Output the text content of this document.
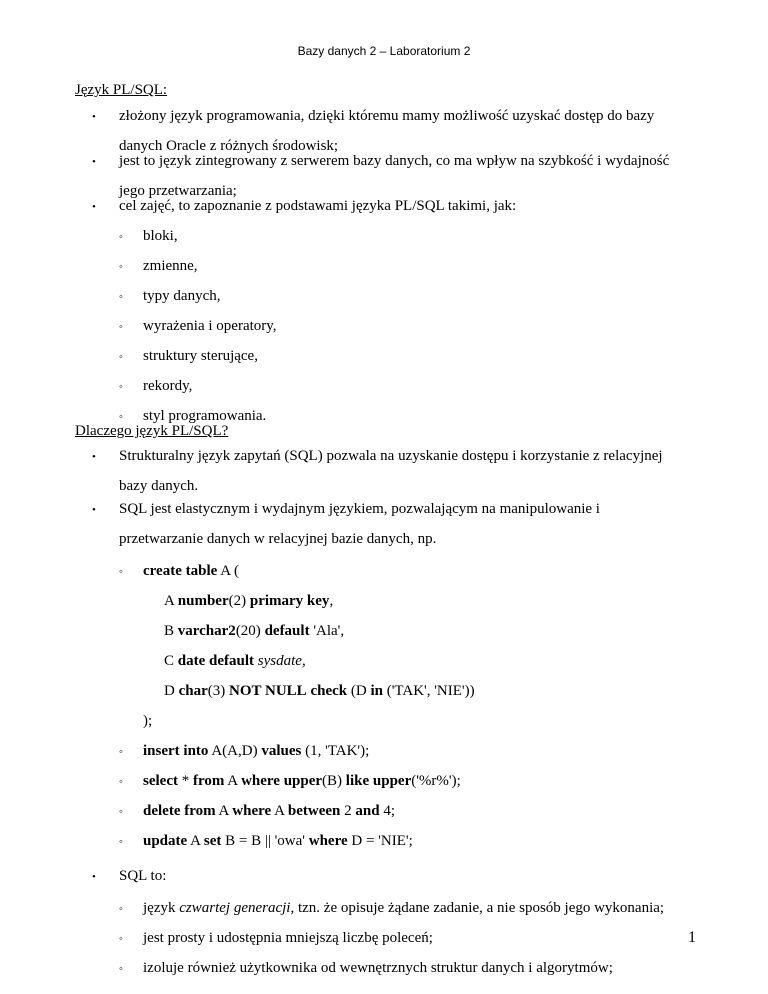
Bazy danych 2 – Laboratorium 2
Język PL/SQL:
• złożony język programowania, dzięki któremu mamy możliwość uzyskać dostęp do bazy
danych Oracle z różnych środowisk;
• jest to język zintegrowany z serwerem bazy danych, co ma wpływ na szybkość i wydajność
jego przetwarzania;
• cel zajęć, to zapoznanie z podstawami języka PL/SQL takimi, jak:
◦ bloki,
◦ zmienne,
◦ typy danych,
◦ wyrażenia i operatory,
◦ struktury sterujące,
◦ rekordy,
◦ styl programowania.
Dlaczego język PL/SQL?
• Strukturalny język zapytań (SQL) pozwala na uzyskanie dostępu i korzystanie z relacyjnej
bazy danych.
• SQL jest elastycznym i wydajnym językiem, pozwalającym na manipulowanie i
przetwarzanie danych w relacyjnej bazie danych, np.
◦ create table A (
A number(2) primary key,
B varchar2(20) default 'Ala',
C date default sysdate,
D char(3) NOT NULL check (D in ('TAK', 'NIE'))
);
◦ insert into A(A,D) values (1, 'TAK');
◦ select * from A where upper(B) like upper('%r%');
◦ delete from A where A between 2 and 4;
◦ update A set B = B || 'owa' where D = 'NIE';
• SQL to:
◦ język czwartej generacji, tzn. że opisuje żądane zadanie, a nie sposób jego wykonania;
◦ jest prosty i udostępnia mniejszą liczbę poleceń;
◦ izoluje również użytkownika od wewnętrznych struktur danych i algorytmów;
1
